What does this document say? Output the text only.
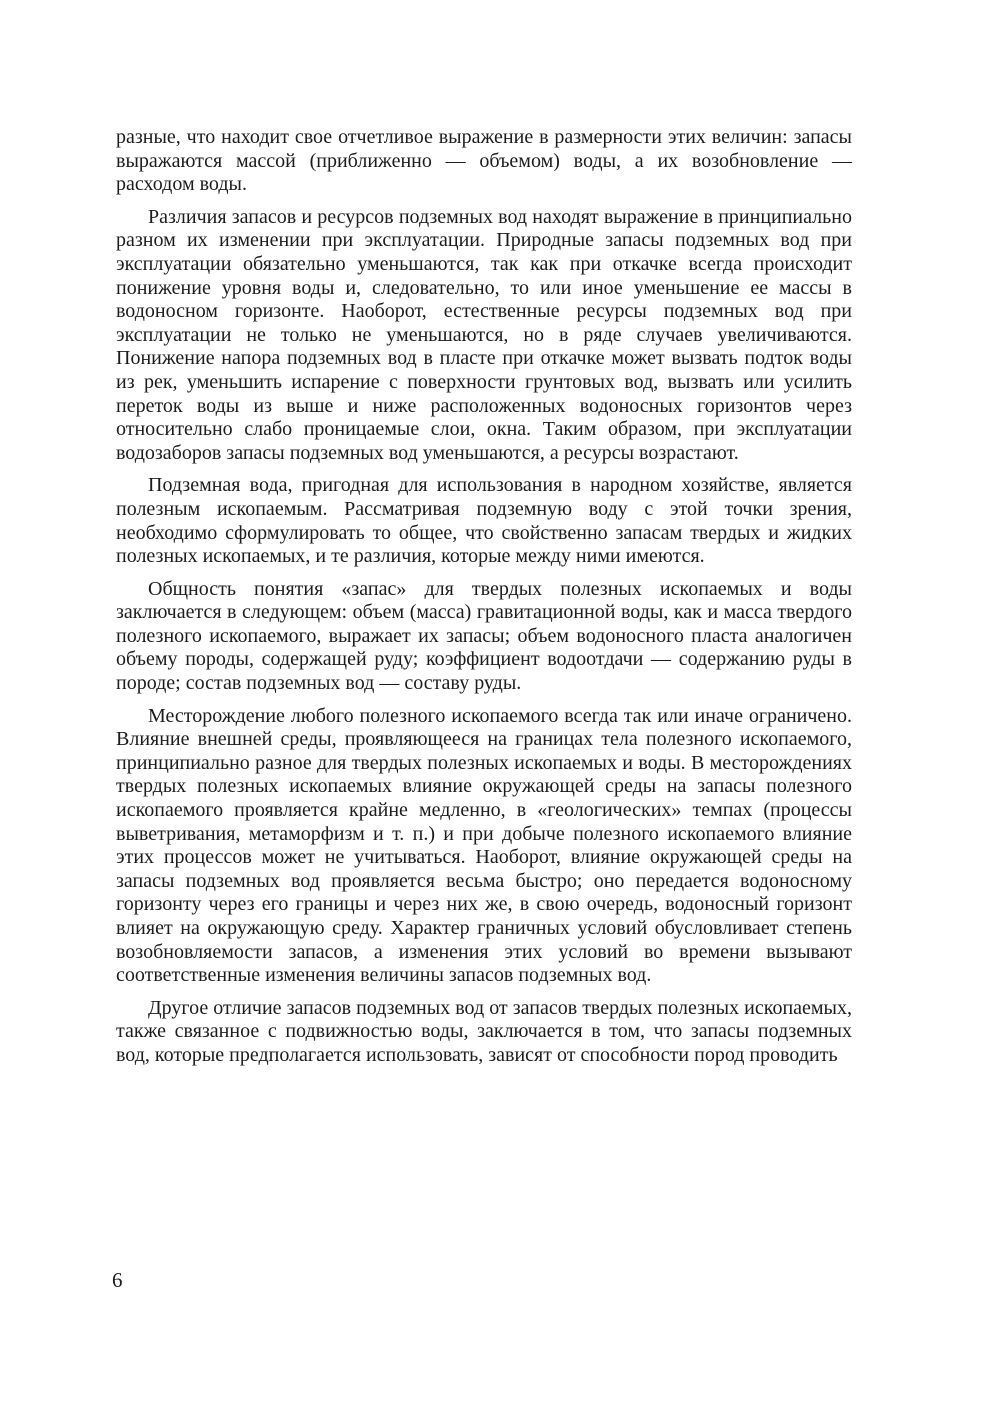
разные, что находит свое отчетливое выражение в размерности этих величин: запасы выражаются массой (приближенно — объемом) воды, а их возобновление — расходом воды.

Различия запасов и ресурсов подземных вод находят выражение в принципиально разном их изменении при эксплуатации. Природные запасы подземных вод при эксплуатации обязательно уменьшаются, так как при откачке всегда происходит понижение уровня воды и, следовательно, то или иное уменьшение ее массы в водоносном горизонте. Наоборот, естественные ресурсы подземных вод при эксплуатации не только не уменьшаются, но в ряде случаев увеличиваются. Понижение напора подземных вод в пласте при откачке может вызвать подток воды из рек, уменьшить испарение с поверхности грунтовых вод, вызвать или усилить переток воды из выше и ниже расположенных водоносных горизонтов через относительно слабо проницаемые слои, окна. Таким образом, при эксплуатации водозаборов запасы подземных вод уменьшаются, а ресурсы возрастают.

Подземная вода, пригодная для использования в народном хозяйстве, является полезным ископаемым. Рассматривая подземную воду с этой точки зрения, необходимо сформулировать то общее, что свойственно запасам твердых и жидких полезных ископаемых, и те различия, которые между ними имеются.

Общность понятия «запас» для твердых полезных ископаемых и воды заключается в следующем: объем (масса) гравитационной воды, как и масса твердого полезного ископаемого, выражает их запасы; объем водоносного пласта аналогичен объему породы, содержащей руду; коэффициент водоотдачи — содержанию руды в породе; состав подземных вод — составу руды.

Месторождение любого полезного ископаемого всегда так или иначе ограничено. Влияние внешней среды, проявляющееся на границах тела полезного ископаемого, принципиально разное для твердых полезных ископаемых и воды. В месторождениях твердых полезных ископаемых влияние окружающей среды на запасы полезного ископаемого проявляется крайне медленно, в «геологических» темпах (процессы выветривания, метаморфизм и т. п.) и при добыче полезного ископаемого влияние этих процессов может не учитываться. Наоборот, влияние окружающей среды на запасы подземных вод проявляется весьма быстро; оно передается водоносному горизонту через его границы и через них же, в свою очередь, водоносный горизонт влияет на окружающую среду. Характер граничных условий обусловливает степень возобновляемости запасов, а изменения этих условий во времени вызывают соответственные изменения величины запасов подземных вод.

Другое отличие запасов подземных вод от запасов твердых полезных ископаемых, также связанное с подвижностью воды, заключается в том, что запасы подземных вод, которые предполагается использовать, зависят от способности пород проводить

6
